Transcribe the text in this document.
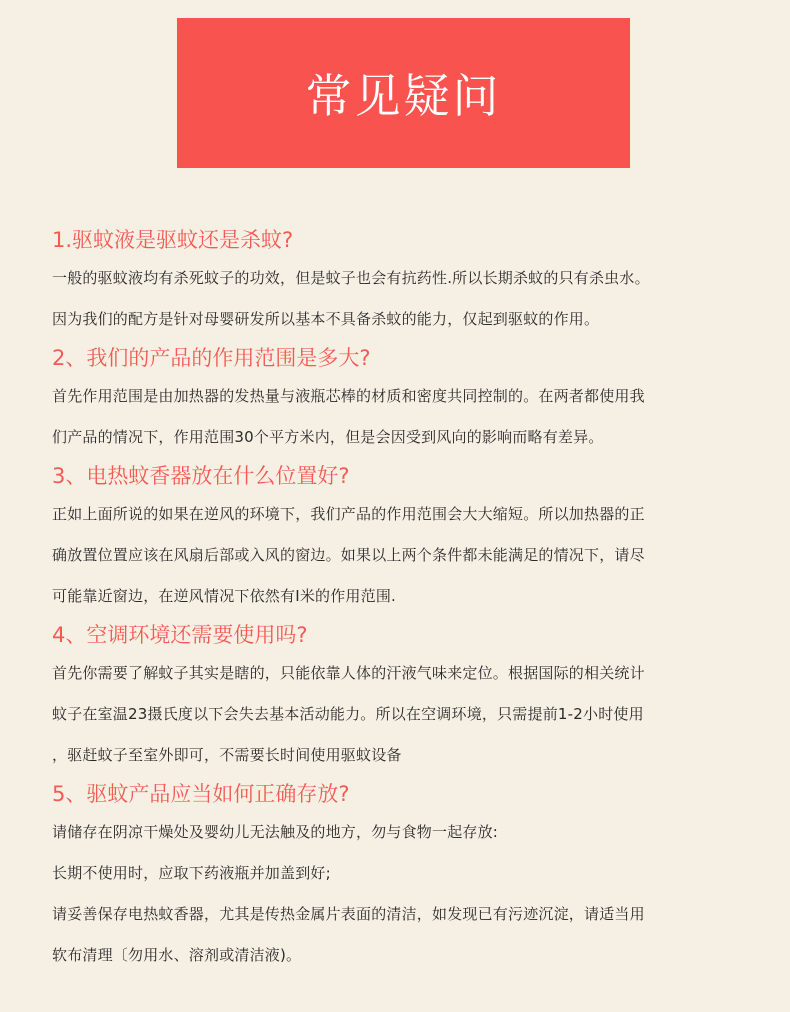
常见疑问
1.驱蚊液是驱蚊还是杀蚊?

一般的驱蚊液均有杀死蚊子的功效，但是蚊子也会有抗药性.所以长期杀蚊的只有杀虫水。
因为我们的配方是针对母婴研发所以基本不具备杀蚊的能力，仅起到驱蚊的作用。

2、我们的产品的作用范围是多大?

首先作用范围是由加热器的发热量与液瓶芯棒的材质和密度共同控制的。在两者都使用我
们产品的情况下，作用范围30个平方米内，但是会因受到风向的影响而略有差异。

3、电热蚊香器放在什么位置好?

正如上面所说的如果在逆风的环境下，我们产品的作用范围会大大缩短。所以加热器的正
确放置位置应该在风扇后部或入风的窗边。如果以上两个条件都未能满足的情况下，请尽
可能靠近窗边，在逆风情况下依然有I米的作用范围.

4、空调环境还需要使用吗?

首先你需要了解蚊子其实是瞎的，只能依靠人体的汗液气味来定位。根据国际的相关统计
蚊子在室温23摄氏度以下会失去基本活动能力。所以在空调环境，只需提前1-2小时使用
，驱赶蚊子至室外即可，不需要长时间使用驱蚊设备

5、驱蚊产品应当如何正确存放?

请储存在阴凉干燥处及婴幼儿无法触及的地方，勿与食物一起存放:
长期不使用时，应取下药液瓶并加盖到好;
请妥善保存电热蚊香器，尤其是传热金属片表面的清洁，如发现已有污迹沉淀，请适当用
软布清理〔勿用水、溶剂或清洁液)。
